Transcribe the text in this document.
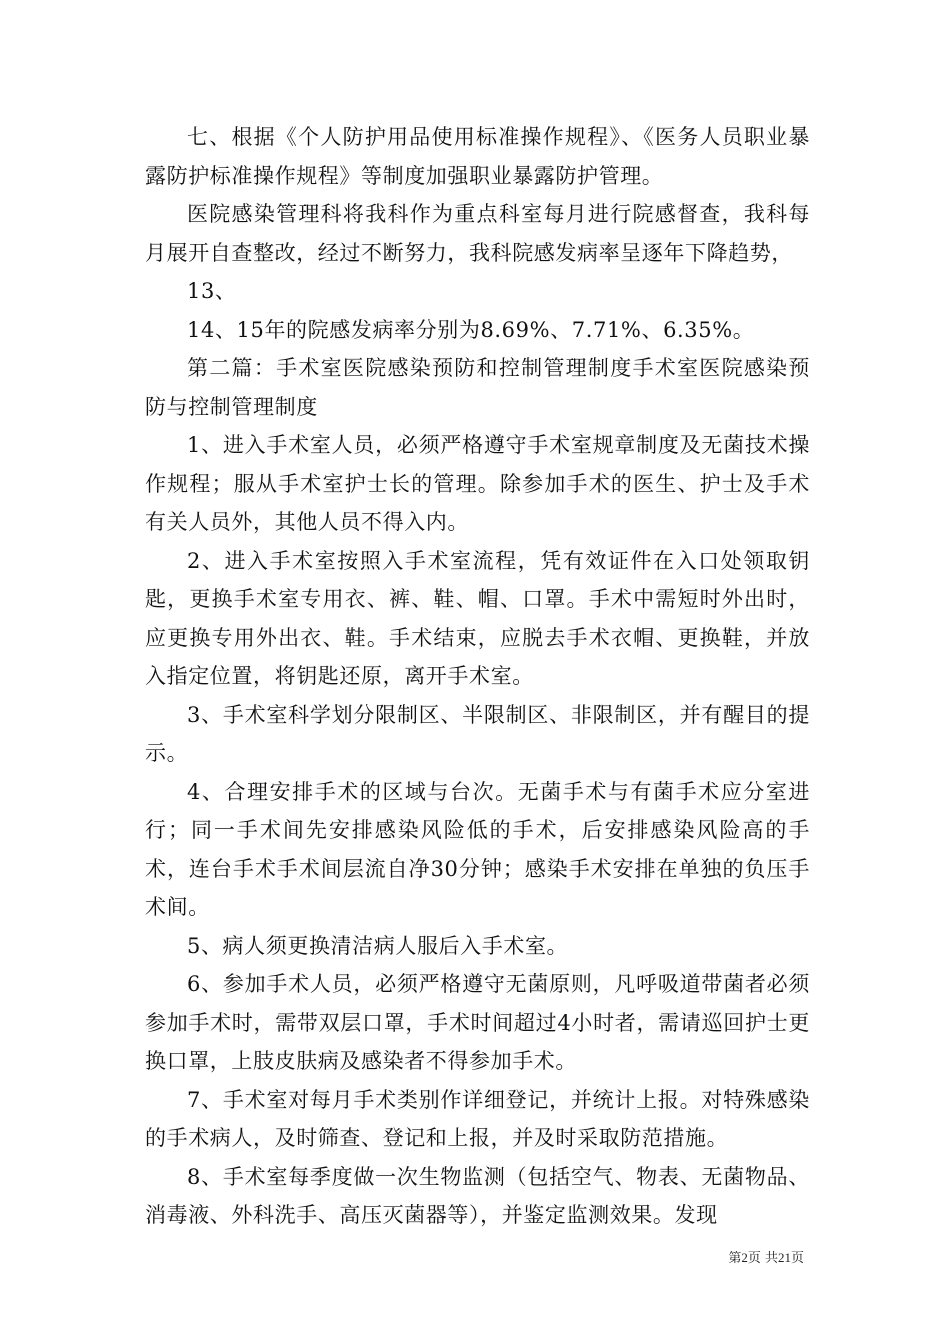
七、根据《个人防护用品使用标准操作规程》、《医务人员职业暴露防护标准操作规程》等制度加强职业暴露防护管理。

医院感染管理科将我科作为重点科室每月进行院感督查，我科每月展开自查整改，经过不断努力，我科院感发病率呈逐年下降趋势，

13、

14、15年的院感发病率分别为8.69%、7.71%、6.35%。

第二篇：手术室医院感染预防和控制管理制度手术室医院感染预防与控制管理制度

1、进入手术室人员，必须严格遵守手术室规章制度及无菌技术操作规程；服从手术室护士长的管理。除参加手术的医生、护士及手术有关人员外，其他人员不得入内。

2、进入手术室按照入手术室流程，凭有效证件在入口处领取钥匙，更换手术室专用衣、裤、鞋、帽、口罩。手术中需短时外出时，应更换专用外出衣、鞋。手术结束，应脱去手术衣帽、更换鞋，并放入指定位置，将钥匙还原，离开手术室。

3、手术室科学划分限制区、半限制区、非限制区，并有醒目的提示。

4、合理安排手术的区域与台次。无菌手术与有菌手术应分室进行；同一手术间先安排感染风险低的手术，后安排感染风险高的手术，连台手术手术间层流自净30分钟；感染手术安排在单独的负压手术间。

5、病人须更换清洁病人服后入手术室。

6、参加手术人员，必须严格遵守无菌原则，凡呼吸道带菌者必须参加手术时，需带双层口罩，手术时间超过4小时者，需请巡回护士更换口罩，上肢皮肤病及感染者不得参加手术。

7、手术室对每月手术类别作详细登记，并统计上报。对特殊感染的手术病人，及时筛查、登记和上报，并及时采取防范措施。

8、手术室每季度做一次生物监测（包括空气、物表、无菌物品、消毒液、外科洗手、高压灭菌器等），并鉴定监测效果。发现

第2页 共21页
